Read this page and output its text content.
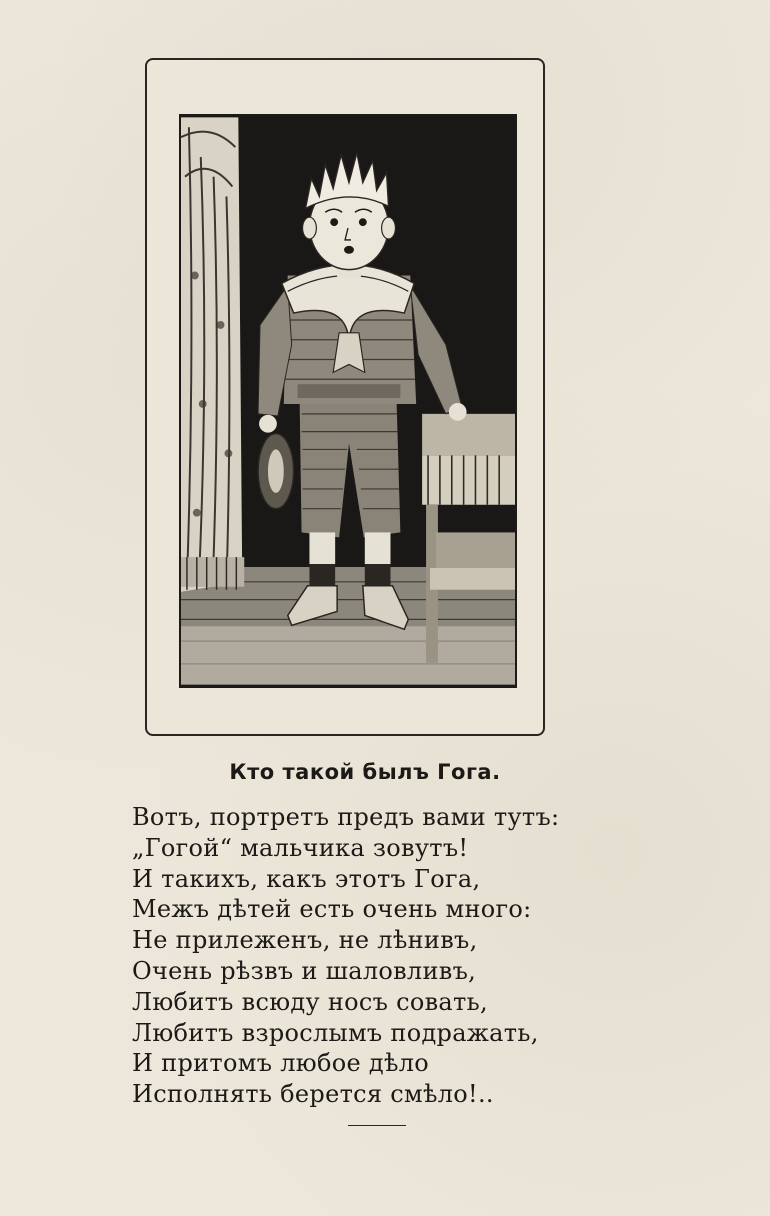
Кто такой былъ Гога.
Вотъ, портретъ предъ вами тутъ:
„Гогой“ мальчика зовутъ!
И такихъ, какъ этотъ Гога,
Межъ дѣтей есть очень много:
Не прилеженъ, не лѣнивъ,
Очень рѣзвъ и шаловливъ,
Любитъ всюду носъ совать,
Любитъ взрослымъ подражать,
И притомъ любое дѣло
Исполнять берется смѣло!..
